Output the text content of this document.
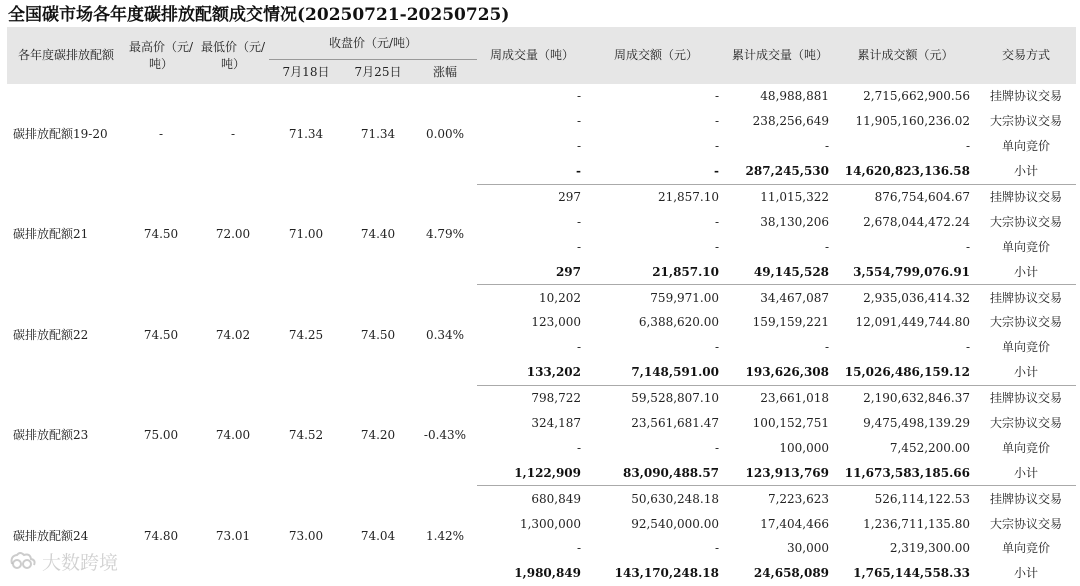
全国碳市场各年度碳排放配额成交情况(20250721-20250725)
各年度碳排放配额	最高价（元/吨）	最低价（元/吨）	收盘价（元/吨）			周成交量（吨）	周成交额（元）	累计成交量（吨）	累计成交额（元）	交易方式
			7月18日	7月25日	涨幅					
碳排放配额19-20	-	-	71.34	71.34	0.00%	-	-	48,988,881	2,715,662,900.56	挂牌协议交易
						-	-	238,256,649	11,905,160,236.02	大宗协议交易
						-	-	-	-	单向竞价
						-	-	287,245,530	14,620,823,136.58	小计
碳排放配额21	74.50	72.00	71.00	74.40	4.79%	297	21,857.10	11,015,322	876,754,604.67	挂牌协议交易
						-	-	38,130,206	2,678,044,472.24	大宗协议交易
						-	-	-	-	单向竞价
						297	21,857.10	49,145,528	3,554,799,076.91	小计
碳排放配额22	74.50	74.02	74.25	74.50	0.34%	10,202	759,971.00	34,467,087	2,935,036,414.32	挂牌协议交易
						123,000	6,388,620.00	159,159,221	12,091,449,744.80	大宗协议交易
						-	-	-	-	单向竞价
						133,202	7,148,591.00	193,626,308	15,026,486,159.12	小计
碳排放配额23	75.00	74.00	74.52	74.20	-0.43%	798,722	59,528,807.10	23,661,018	2,190,632,846.37	挂牌协议交易
						324,187	23,561,681.47	100,152,751	9,475,498,139.29	大宗协议交易
						-	-	100,000	7,452,200.00	单向竞价
						1,122,909	83,090,488.57	123,913,769	11,673,583,185.66	小计
碳排放配额24	74.80	73.01	73.00	74.04	1.42%	680,849	50,630,248.18	7,223,623	526,114,122.53	挂牌协议交易
						1,300,000	92,540,000.00	17,404,466	1,236,711,135.80	大宗协议交易
						-	-	30,000	2,319,300.00	单向竞价
						1,980,849	143,170,248.18	24,658,089	1,765,144,558.33	小计
大数跨境
